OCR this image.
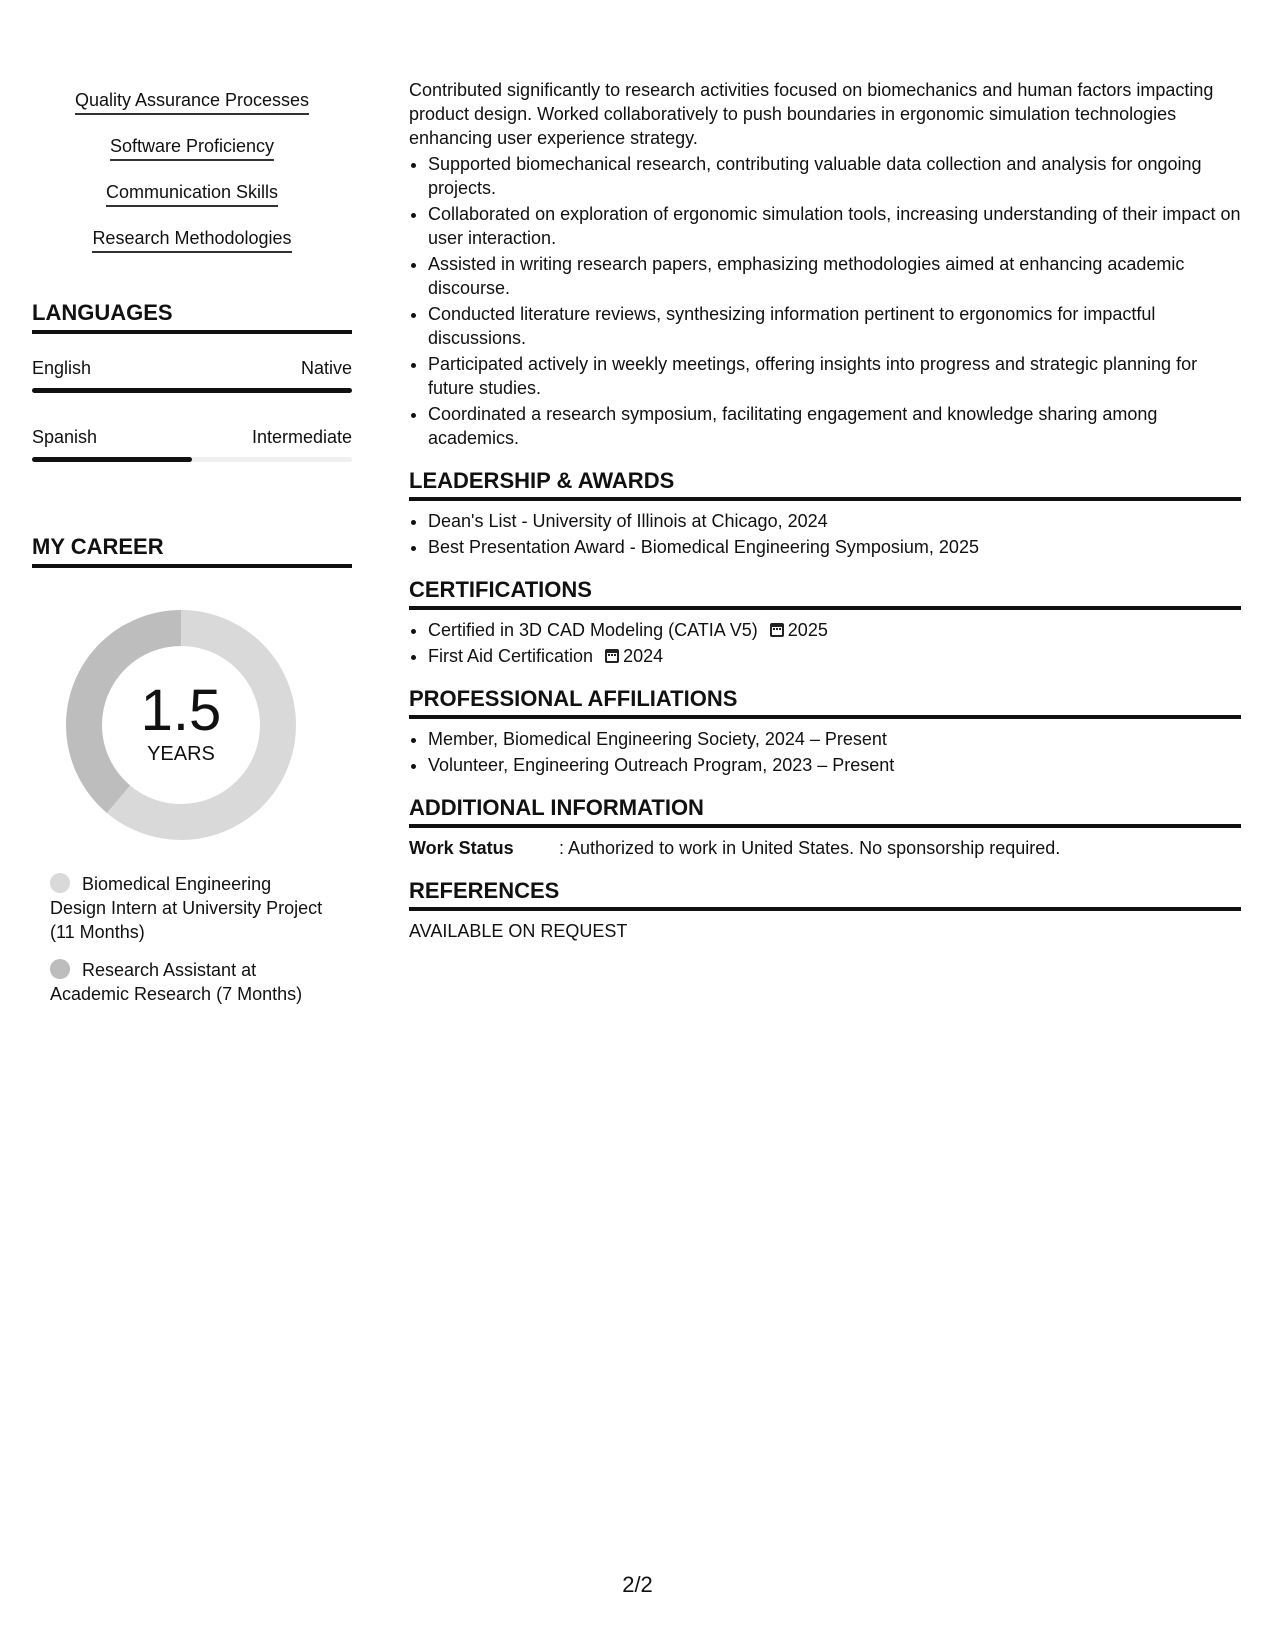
Quality Assurance Processes
Software Proficiency
Communication Skills
Research Methodologies
LANGUAGES
English	Native
Spanish	Intermediate
MY CAREER
1.5
YEARS
Biomedical Engineering Design Intern at University Project (11 Months)
Research Assistant at Academic Research (7 Months)

Contributed significantly to research activities focused on biomechanics and human factors impacting product design. Worked collaboratively to push boundaries in ergonomic simulation technologies enhancing user experience strategy.

• Supported biomechanical research, contributing valuable data collection and analysis for ongoing projects.
• Collaborated on exploration of ergonomic simulation tools, increasing understanding of their impact on user interaction.
• Assisted in writing research papers, emphasizing methodologies aimed at enhancing academic discourse.
• Conducted literature reviews, synthesizing information pertinent to ergonomics for impactful discussions.
• Participated actively in weekly meetings, offering insights into progress and strategic planning for future studies.
• Coordinated a research symposium, facilitating engagement and knowledge sharing among academics.
LEADERSHIP & AWARDS
• Dean's List - University of Illinois at Chicago, 2024
• Best Presentation Award - Biomedical Engineering Symposium, 2025
CERTIFICATIONS
• Certified in 3D CAD Modeling (CATIA V5) 2025
• First Aid Certification 2024
PROFESSIONAL AFFILIATIONS
• Member, Biomedical Engineering Society, 2024 – Present
• Volunteer, Engineering Outreach Program, 2023 – Present
ADDITIONAL INFORMATION
Work Status	: Authorized to work in United States. No sponsorship required.
REFERENCES
AVAILABLE ON REQUEST
2/2
